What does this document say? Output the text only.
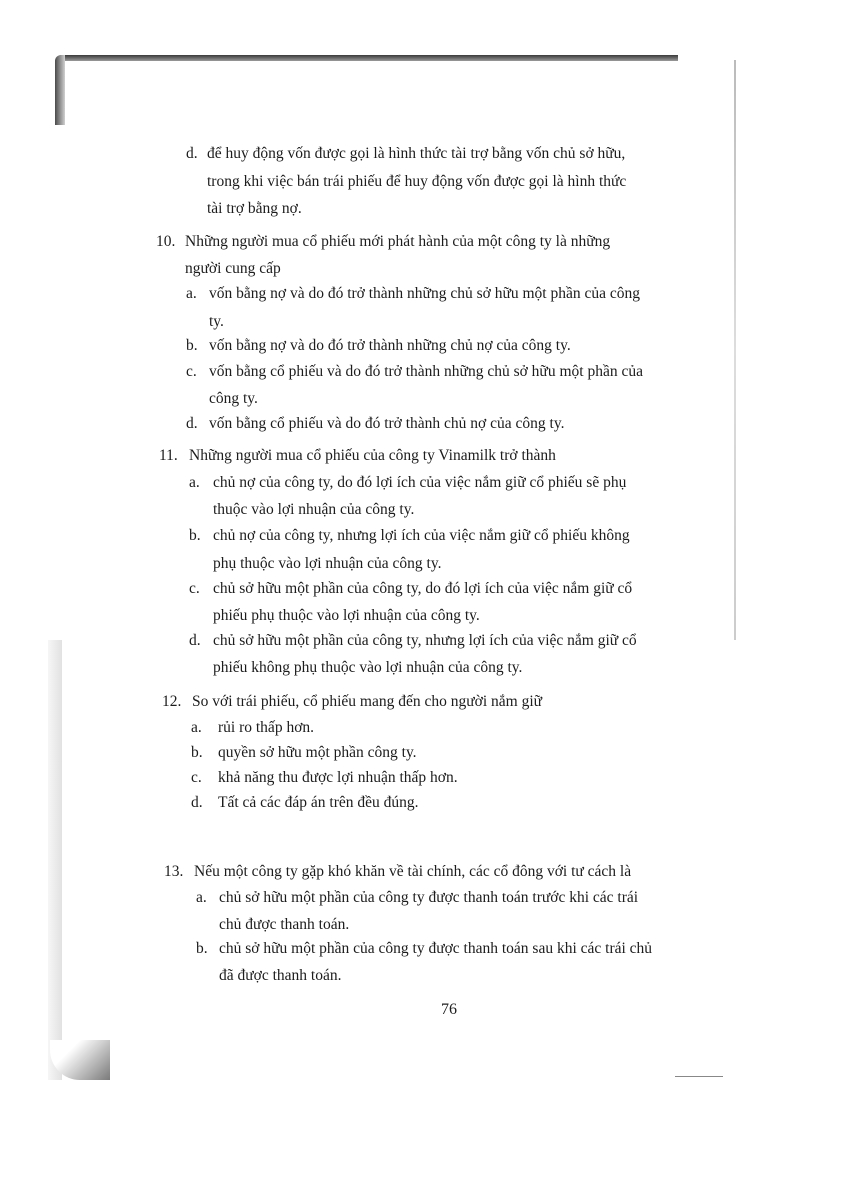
d. để huy động vốn được gọi là hình thức tài trợ bằng vốn chủ sở hữu,
trong khi việc bán trái phiếu để huy động vốn được gọi là hình thức
tài trợ bằng nợ.
10. Những người mua cổ phiếu mới phát hành của một công ty là những
người cung cấp
a. vốn bằng nợ và do đó trở thành những chủ sở hữu một phần của công
ty.
b. vốn bằng nợ và do đó trở thành những chủ nợ của công ty.
c. vốn bằng cổ phiếu và do đó trở thành những chủ sở hữu một phần của
công ty.
d. vốn bằng cổ phiếu và do đó trở thành chủ nợ của công ty.
11. Những người mua cổ phiếu của công ty Vinamilk trở thành
a. chủ nợ của công ty, do đó lợi ích của việc nắm giữ cổ phiếu sẽ phụ
thuộc vào lợi nhuận của công ty.
b. chủ nợ của công ty, nhưng lợi ích của việc nắm giữ cổ phiếu không
phụ thuộc vào lợi nhuận của công ty.
c. chủ sở hữu một phần của công ty, do đó lợi ích của việc nắm giữ cổ
phiếu phụ thuộc vào lợi nhuận của công ty.
d. chủ sở hữu một phần của công ty, nhưng lợi ích của việc nắm giữ cổ
phiếu không phụ thuộc vào lợi nhuận của công ty.
12. So với trái phiếu, cổ phiếu mang đến cho người nắm giữ
a. rủi ro thấp hơn.
b. quyền sở hữu một phần công ty.
c. khả năng thu được lợi nhuận thấp hơn.
d. Tất cả các đáp án trên đều đúng.
13. Nếu một công ty gặp khó khăn về tài chính, các cổ đông với tư cách là
a. chủ sở hữu một phần của công ty được thanh toán trước khi các trái
chủ được thanh toán.
b. chủ sở hữu một phần của công ty được thanh toán sau khi các trái chủ
đã được thanh toán.
76
